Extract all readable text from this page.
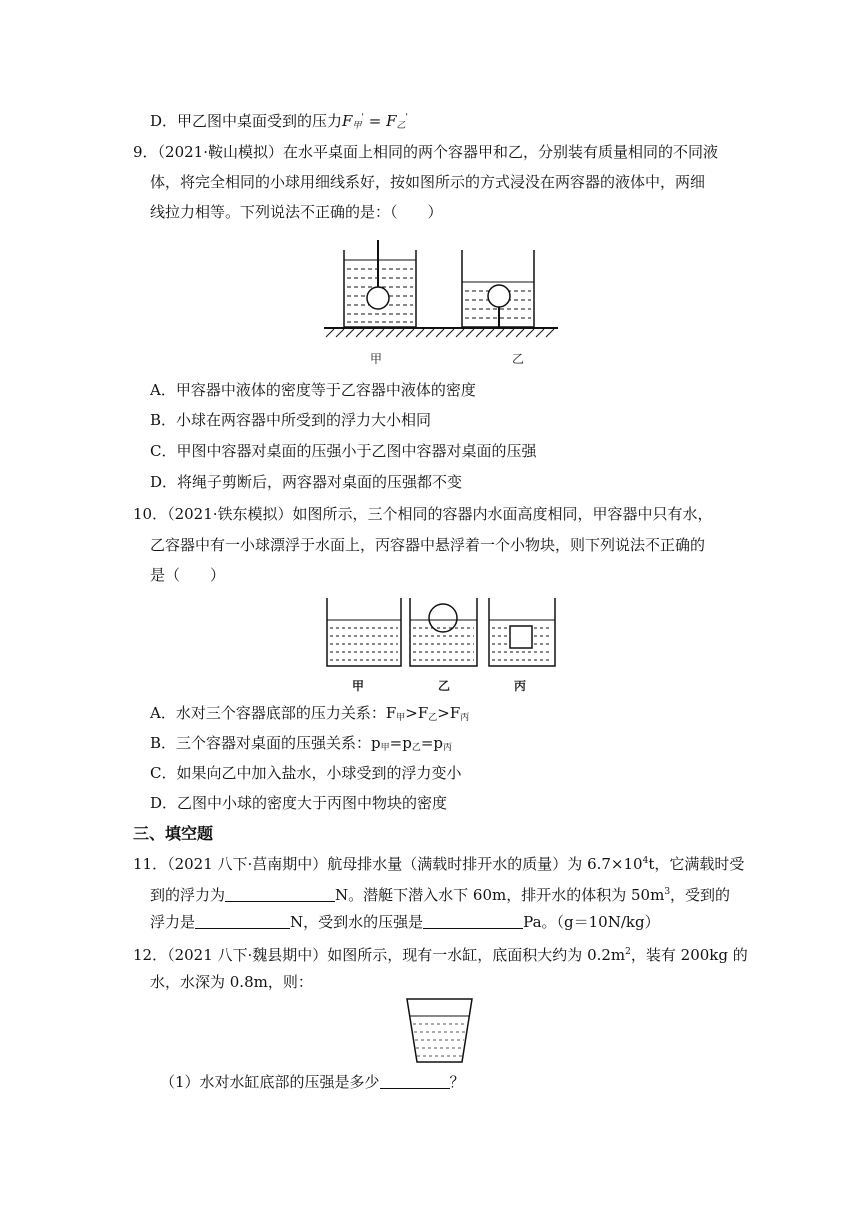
D．甲乙图中桌面受到的压力$F_甲' = F_乙'$
9．（2021·鞍山模拟）在水平桌面上相同的两个容器甲和乙，分别装有质量相同的不同液
体，将完全相同的小球用细线系好，按如图所示的方式浸没在两容器的液体中，两细
线拉力相等。下列说法不正确的是：（　　）
甲	乙
A．甲容器中液体的密度等于乙容器中液体的密度
B．小球在两容器中所受到的浮力大小相同
C．甲图中容器对桌面的压强小于乙图中容器对桌面的压强
D．将绳子剪断后，两容器对桌面的压强都不变
10．（2021·铁东模拟）如图所示，三个相同的容器内水面高度相同，甲容器中只有水，
乙容器中有一小球漂浮于水面上，丙容器中悬浮着一个小物块，则下列说法不正确的
是（　　）
甲	乙	丙
A．水对三个容器底部的压力关系：$F_甲>F_乙>F_丙$
B．三个容器对桌面的压强关系：$p_甲=p_乙=p_丙$
C．如果向乙中加入盐水，小球受到的浮力变小
D．乙图中小球的密度大于丙图中物块的密度
三、填空题
11．（2021 八下·莒南期中）航母排水量（满载时排开水的质量）为 $6.7\times 10^4t$，它满载时受
到的浮力为	N。潜艇下潜入水下 60m，排开水的体积为 $50m^3$，受到的
浮力是	N，受到水的压强是	Pa。（g＝10N/kg）
12．（2021 八下·魏县期中）如图所示，现有一水缸，底面积大约为 $0.2m^2$，装有 200kg 的
水，水深为 0.8m，则：
（1）水对水缸底部的压强是多少	？
